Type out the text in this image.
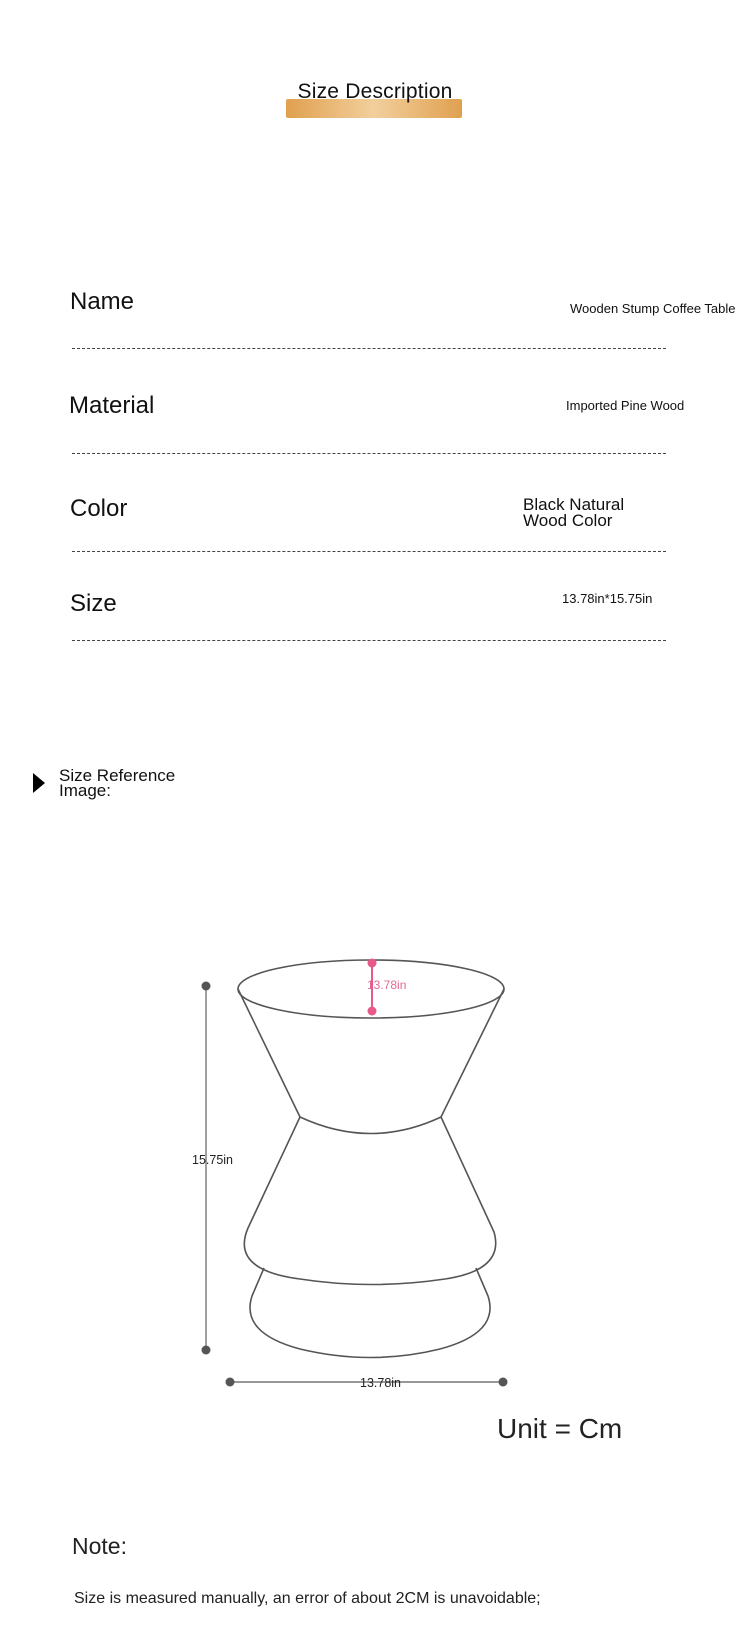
Size Description
Name	Wooden Stump Coffee Table
Material	Imported Pine Wood
Color	Black Natural
Wood Color
Size	13.78in*15.75in
Size Reference
Image:
13.78in
15.75in
13.78in
Unit = Cm
Note:
Size is measured manually, an error of about 2CM is unavoidable;
